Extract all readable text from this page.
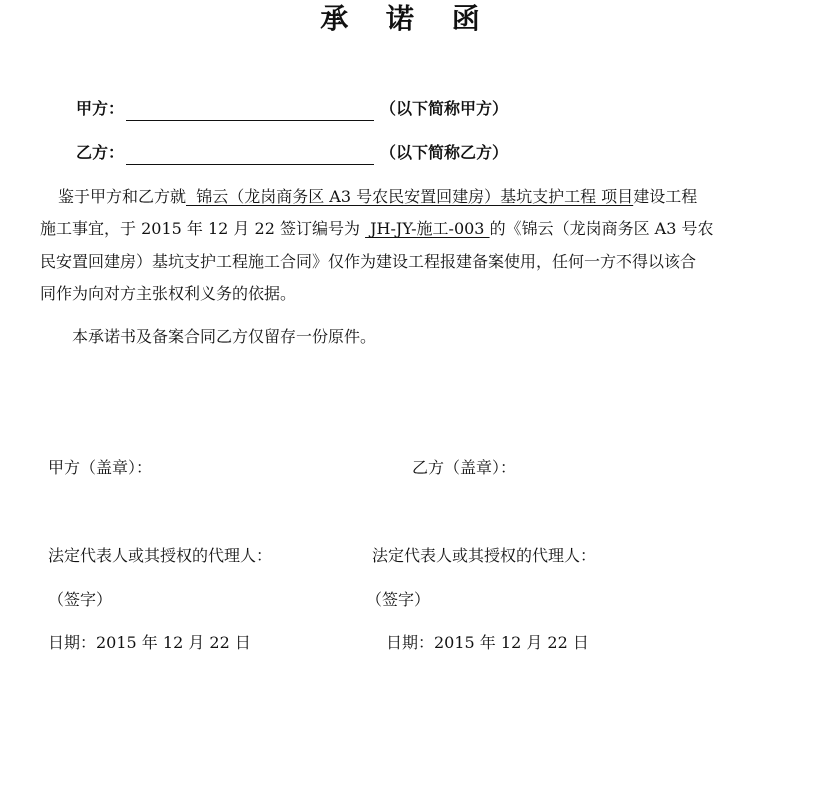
承 诺 函
甲方：	（以下简称甲方）
乙方：	（以下简称乙方）
鉴于甲方和乙方就  锦云（龙岗商务区 A3 号农民安置回建房）基坑支护工程 项目建设工程
施工事宜，于 2015 年 12 月 22 签订编号为  JH-JY-施工-003 的《锦云（龙岗商务区 A3 号农
民安置回建房）基坑支护工程施工合同》仅作为建设工程报建备案使用，任何一方不得以该合
同作为向对方主张权利义务的依据。
本承诺书及备案合同乙方仅留存一份原件。
甲方（盖章）：	乙方（盖章）：
法定代表人或其授权的代理人：	法定代表人或其授权的代理人：
（签字）	（签字）
日期：2015 年 12 月 22 日	日期：2015 年 12 月 22 日
